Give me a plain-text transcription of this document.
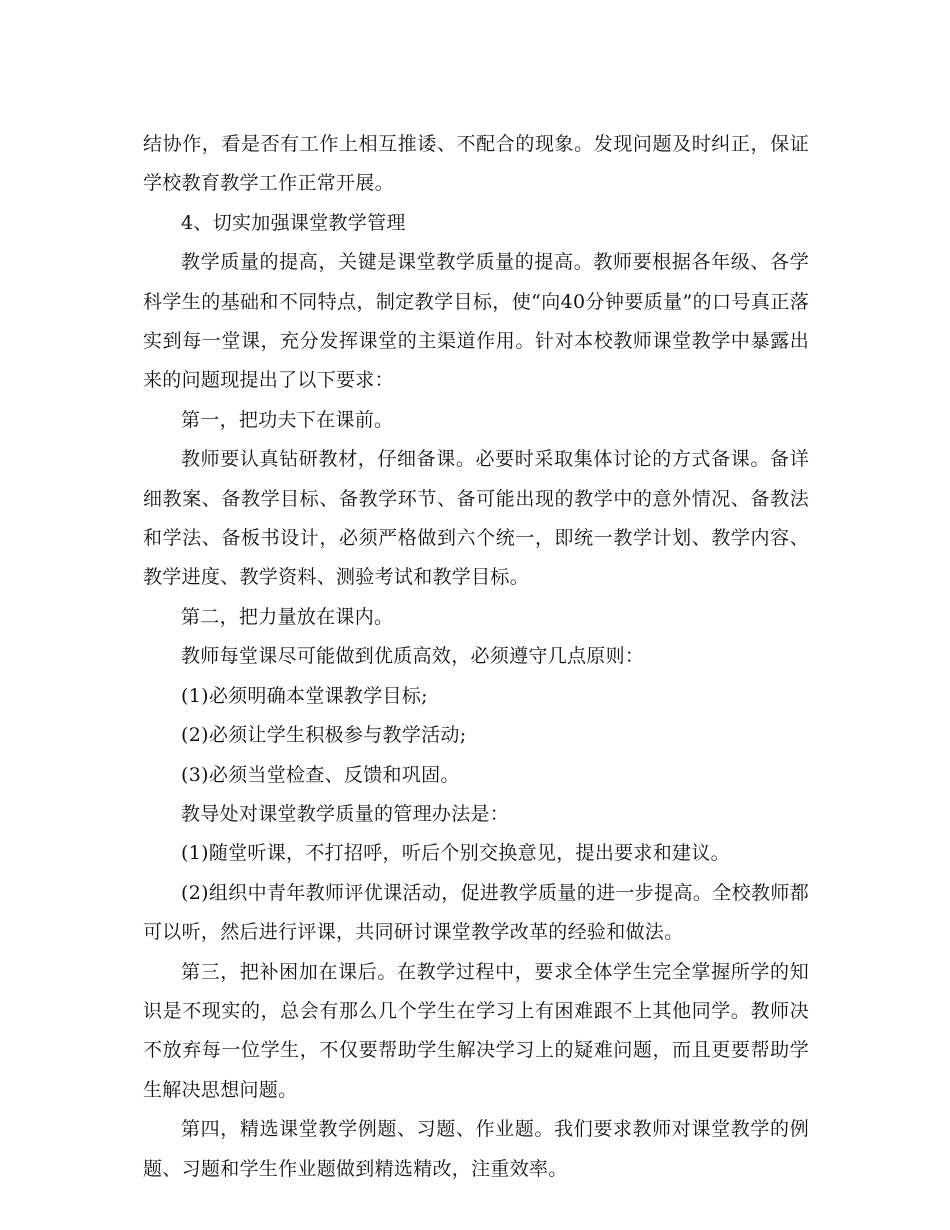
结协作，看是否有工作上相互推诿、不配合的现象。发现问题及时纠正，保证学校教育教学工作正常开展。

4、切实加强课堂教学管理

教学质量的提高，关键是课堂教学质量的提高。教师要根据各年级、各学科学生的基础和不同特点，制定教学目标，使“向40分钟要质量”的口号真正落实到每一堂课，充分发挥课堂的主渠道作用。针对本校教师课堂教学中暴露出来的问题现提出了以下要求：

第一，把功夫下在课前。

教师要认真钻研教材，仔细备课。必要时采取集体讨论的方式备课。备详细教案、备教学目标、备教学环节、备可能出现的教学中的意外情况、备教法和学法、备板书设计，必须严格做到六个统一，即统一教学计划、教学内容、教学进度、教学资料、测验考试和教学目标。

第二，把力量放在课内。

教师每堂课尽可能做到优质高效，必须遵守几点原则：

(1)必须明确本堂课教学目标;

(2)必须让学生积极参与教学活动;

(3)必须当堂检查、反馈和巩固。

教导处对课堂教学质量的管理办法是：

(1)随堂听课，不打招呼，听后个别交换意见，提出要求和建议。

(2)组织中青年教师评优课活动，促进教学质量的进一步提高。全校教师都可以听，然后进行评课，共同研讨课堂教学改革的经验和做法。

第三，把补困加在课后。在教学过程中，要求全体学生完全掌握所学的知识是不现实的，总会有那么几个学生在学习上有困难跟不上其他同学。教师决不放弃每一位学生，不仅要帮助学生解决学习上的疑难问题，而且更要帮助学生解决思想问题。

第四，精选课堂教学例题、习题、作业题。我们要求教师对课堂教学的例题、习题和学生作业题做到精选精改，注重效率。
